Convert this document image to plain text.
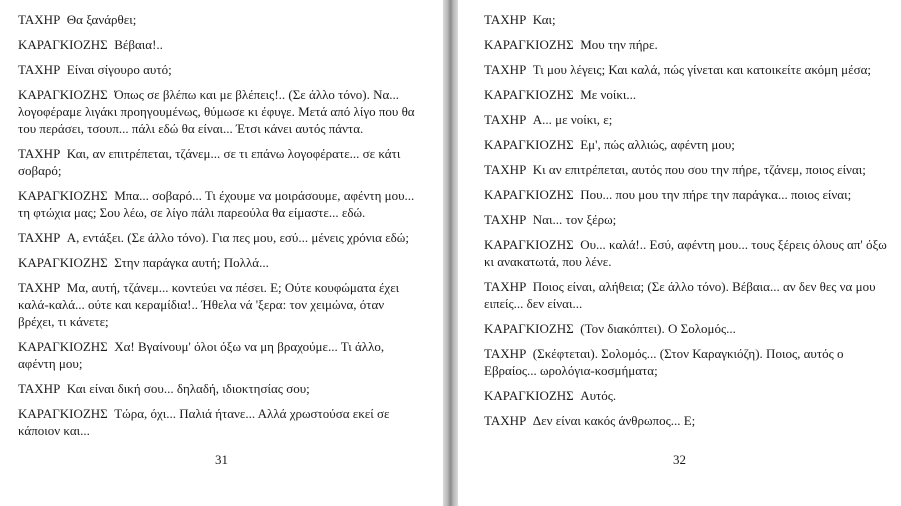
ΤΑΧΗΡ Θα ξανάρθει;

ΚΑΡΑΓΚΙΟΖΗΣ Βέβαια!..

ΤΑΧΗΡ Είναι σίγουρο αυτό;

ΚΑΡΑΓΚΙΟΖΗΣ Όπως σε βλέπω και με βλέπεις!.. (Σε άλλο τόνο). Να... λογοφέραμε λιγάκι προηγουμένως, θύμωσε κι έφυγε. Μετά από λίγο που θα του περάσει, τσουπ... πάλι εδώ θα είναι... Έτσι κάνει αυτός πάντα.

ΤΑΧΗΡ Και, αν επιτρέπεται, τζάνεμ... σε τι επάνω λογοφέρατε... σε κάτι σοβαρό;

ΚΑΡΑΓΚΙΟΖΗΣ Μπα... σοβαρό... Τι έχουμε να μοιράσουμε, αφέντη μου... τη φτώχια μας; Σου λέω, σε λίγο πάλι παρεούλα θα είμαστε... εδώ.

ΤΑΧΗΡ Α, εντάξει. (Σε άλλο τόνο). Για πες μου, εσύ... μένεις χρόνια εδώ;

ΚΑΡΑΓΚΙΟΖΗΣ Στην παράγκα αυτή; Πολλά...

ΤΑΧΗΡ Μα, αυτή, τζάνεμ... κοντεύει να πέσει. Ε; Ούτε κουφώματα έχει καλά-καλά... ούτε και κεραμίδια!.. Ήθελα νά 'ξερα: τον χειμώνα, όταν βρέχει, τι κάνετε;

ΚΑΡΑΓΚΙΟΖΗΣ Χα! Βγαίνουμ' όλοι όξω να μη βραχούμε... Τι άλλο, αφέντη μου;

ΤΑΧΗΡ Και είναι δική σου... δηλαδή, ιδιοκτησίας σου;

ΚΑΡΑΓΚΙΟΖΗΣ Τώρα, όχι... Παλιά ήτανε... Αλλά χρωστούσα εκεί σε κάποιον και...

31

ΤΑΧΗΡ Και;

ΚΑΡΑΓΚΙΟΖΗΣ Μου την πήρε.

ΤΑΧΗΡ Τι μου λέγεις; Και καλά, πώς γίνεται και κατοικείτε ακόμη μέσα;

ΚΑΡΑΓΚΙΟΖΗΣ Με νοίκι...

ΤΑΧΗΡ Α... με νοίκι, ε;

ΚΑΡΑΓΚΙΟΖΗΣ Εμ', πώς αλλιώς, αφέντη μου;

ΤΑΧΗΡ Κι αν επιτρέπεται, αυτός που σου την πήρε, τζάνεμ, ποιος είναι;

ΚΑΡΑΓΚΙΟΖΗΣ Που... που μου την πήρε την παράγκα... ποιος είναι;

ΤΑΧΗΡ Ναι... τον ξέρω;

ΚΑΡΑΓΚΙΟΖΗΣ Ου... καλά!.. Εσύ, αφέντη μου... τους ξέρεις όλους απ' όξω κι ανακατωτά, που λένε.

ΤΑΧΗΡ Ποιος είναι, αλήθεια; (Σε άλλο τόνο). Βέβαια... αν δεν θες να μου ειπείς... δεν είναι...

ΚΑΡΑΓΚΙΟΖΗΣ (Τον διακόπτει). Ο Σολομός...

ΤΑΧΗΡ (Σκέφτεται). Σολομός... (Στον Καραγκιόζη). Ποιος, αυτός ο Εβραίος... ωρολόγια-κοσμήματα;

ΚΑΡΑΓΚΙΟΖΗΣ Αυτός.

ΤΑΧΗΡ Δεν είναι κακός άνθρωπος... Ε;

32
